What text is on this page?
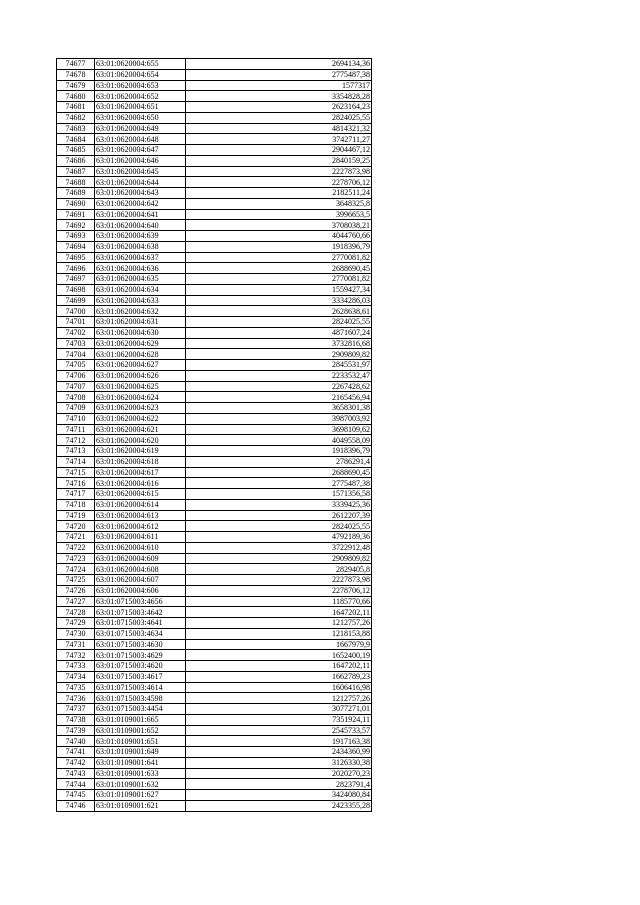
74677	63:01:0620004:655	2694134,36
74678	63:01:0620004:654	2775487,38
74679	63:01:0620004:653	1577317
74680	63:01:0620004:652	3354828,28
74681	63:01:0620004:651	2623164,23
74682	63:01:0620004:650	2824025,55
74683	63:01:0620004:649	4814321,32
74684	63:01:0620004:648	3742711,27
74685	63:01:0620004:647	2904467,12
74686	63:01:0620004:646	2840159,25
74687	63:01:0620004:645	2227873,98
74688	63:01:0620004:644	2278706,12
74689	63:01:0620004:643	2182511,24
74690	63:01:0620004:642	3648325,8
74691	63:01:0620004:641	3996653,5
74692	63:01:0620004:640	3708038,21
74693	63:01:0620004:639	4044760,66
74694	63:01:0620004:638	1918396,79
74695	63:01:0620004:637	2770081,82
74696	63:01:0620004:636	2688690,45
74697	63:01:0620004:635	2770081,82
74698	63:01:0620004:634	1559427,34
74699	63:01:0620004:633	3334286,03
74700	63:01:0620004:632	2628638,61
74701	63:01:0620004:631	2824025,55
74702	63:01:0620004:630	4871607,24
74703	63:01:0620004:629	3732816,68
74704	63:01:0620004:628	2909809,82
74705	63:01:0620004:627	2845531,97
74706	63:01:0620004:626	2233532,47
74707	63:01:0620004:625	2267428,62
74708	63:01:0620004:624	2165456,94
74709	63:01:0620004:623	3658301,38
74710	63:01:0620004:622	3987003,92
74711	63:01:0620004:621	3698109,62
74712	63:01:0620004:620	4049558,09
74713	63:01:0620004:619	1918396,79
74714	63:01:0620004:618	2786291,4
74715	63:01:0620004:617	2688690,45
74716	63:01:0620004:616	2775487,38
74717	63:01:0620004:615	1571356,58
74718	63:01:0620004:614	3339425,36
74719	63:01:0620004:613	2612207,39
74720	63:01:0620004:612	2824025,55
74721	63:01:0620004:611	4792189,36
74722	63:01:0620004:610	3722912,48
74723	63:01:0620004:609	2909809,82
74724	63:01:0620004:608	2829405,8
74725	63:01:0620004:607	2227873,98
74726	63:01:0620004:606	2278706,12
74727	63:01:0715003:4656	1185770,66
74728	63:01:0715003:4642	1647202,11
74729	63:01:0715003:4641	1212757,26
74730	63:01:0715003:4634	1218153,88
74731	63:01:0715003:4630	1667979,9
74732	63:01:0715003:4629	1652400,19
74733	63:01:0715003:4620	1647202,11
74734	63:01:0715003:4617	1662789,23
74735	63:01:0715003:4614	1606416,98
74736	63:01:0715003:4598	1212757,26
74737	63:01:0715003:4454	3077271,01
74738	63:01:0109001:665	7351924,11
74739	63:01:0109001:652	2545733,57
74740	63:01:0109001:651	1917163,38
74741	63:01:0109001:649	2434360,99
74742	63:01:0109001:641	3126330,38
74743	63:01:0109001:633	2020270,23
74744	63:01:0109001:632	2823791,4
74745	63:01:0109001:627	3424080,84
74746	63:01:0109001:621	2423355,28
